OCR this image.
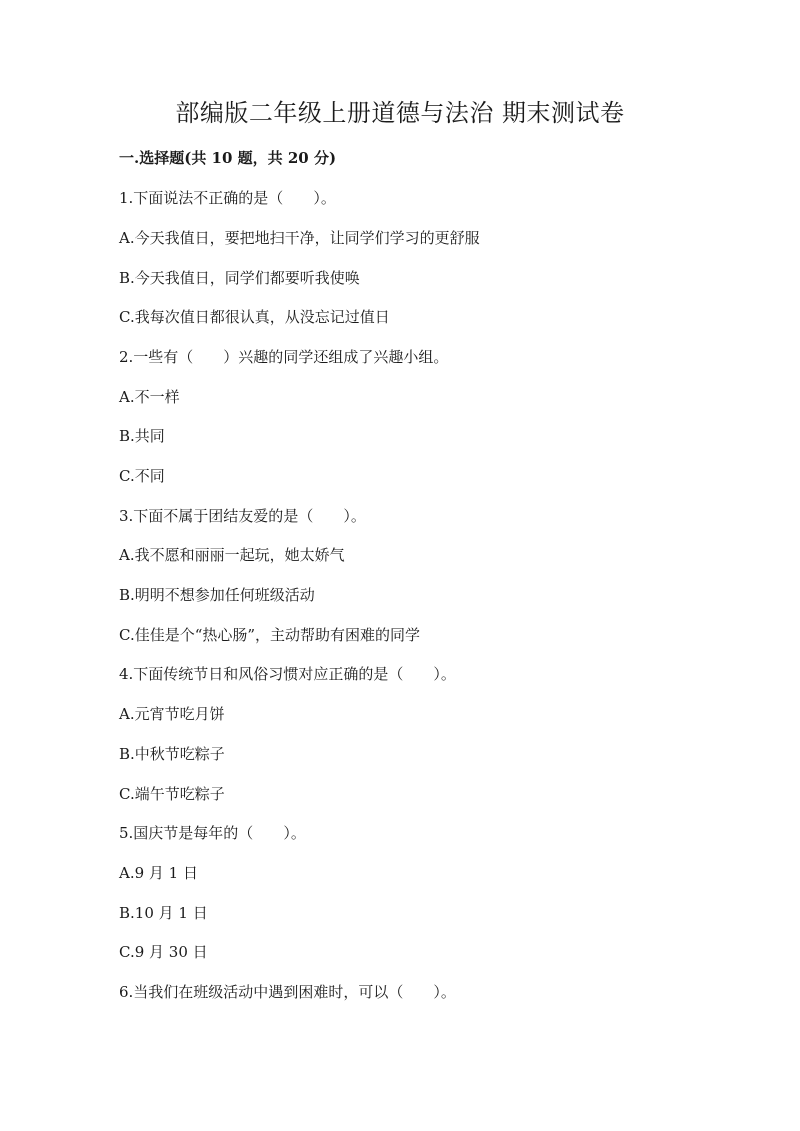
部编版二年级上册道德与法治 期末测试卷
一.选择题(共 10 题，共 20 分)
1.下面说法不正确的是（　　）。
A.今天我值日，要把地扫干净，让同学们学习的更舒服
B.今天我值日，同学们都要听我使唤
C.我每次值日都很认真，从没忘记过值日
2.一些有（　　）兴趣的同学还组成了兴趣小组。
A.不一样
B.共同
C.不同
3.下面不属于团结友爱的是（　　）。
A.我不愿和丽丽一起玩，她太娇气
B.明明不想参加任何班级活动
C.佳佳是个“热心肠”，主动帮助有困难的同学
4.下面传统节日和风俗习惯对应正确的是（　　）。
A.元宵节吃月饼
B.中秋节吃粽子
C.端午节吃粽子
5.国庆节是每年的（　　）。
A.9 月 1 日
B.10 月 1 日
C.9 月 30 日
6.当我们在班级活动中遇到困难时，可以（　　）。
